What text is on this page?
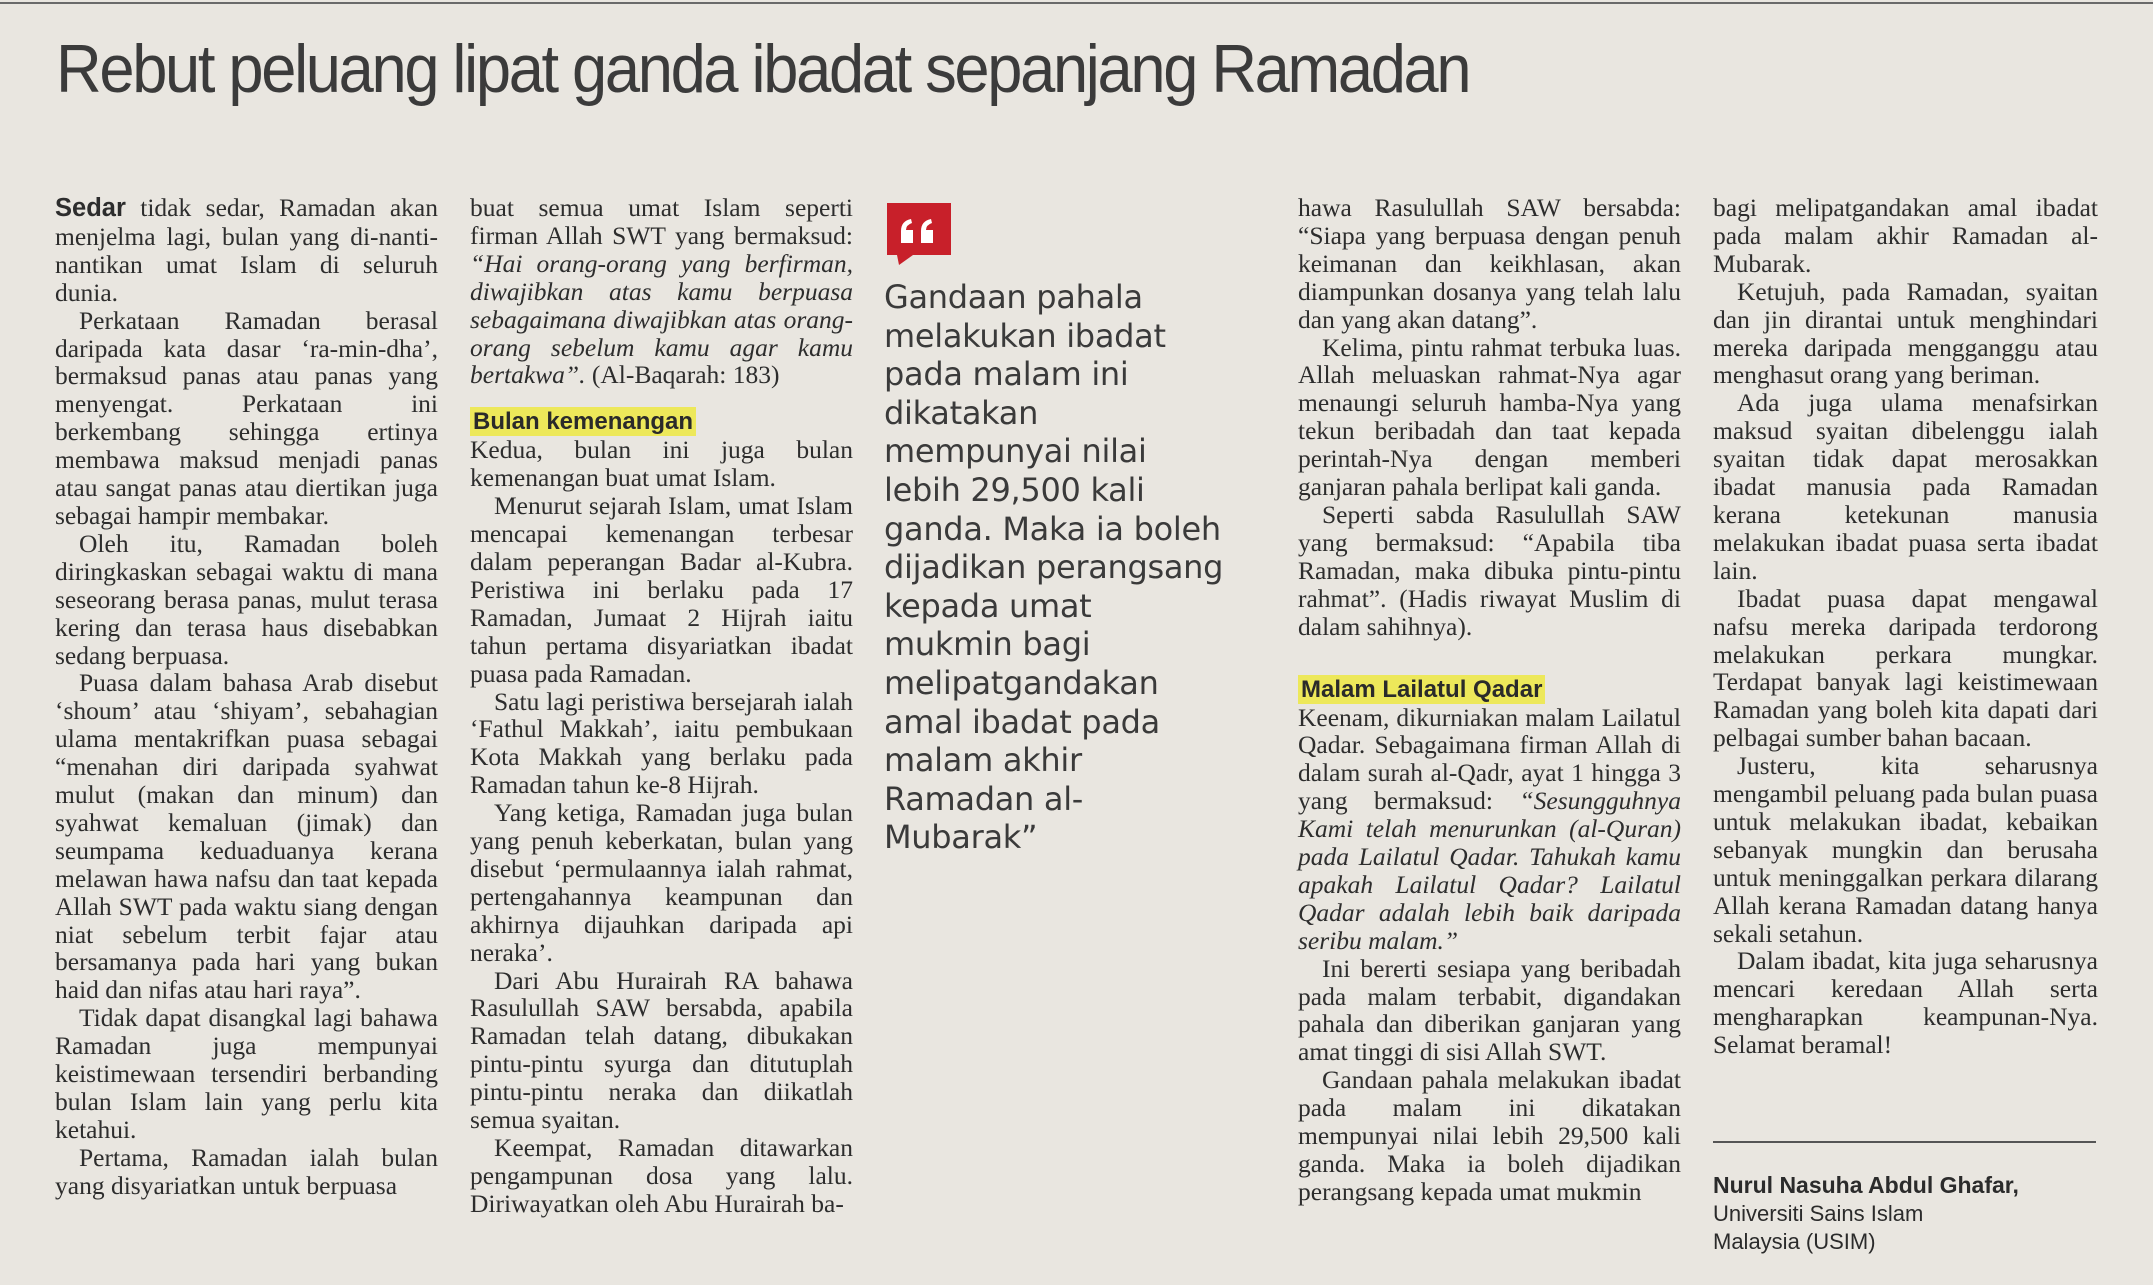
Rebut peluang lipat ganda ibadat sepanjang Ramadan

Sedar tidak sedar, Ramadan akan menjelma lagi, bulan yang di-nanti-nantikan umat Islam di seluruh dunia.

Perkataan Ramadan berasal daripada kata dasar ‘ra-min-dha’, bermaksud panas atau panas yang menyengat. Perkataan ini berkembang sehingga ertinya membawa maksud menjadi panas atau sangat panas atau diertikan juga sebagai hampir membakar.

Oleh itu, Ramadan boleh diringkaskan sebagai waktu di mana seseorang berasa panas, mulut terasa kering dan terasa haus disebabkan sedang berpuasa.

Puasa dalam bahasa Arab disebut ‘shoum’ atau ‘shiyam’, sebahagian ulama mentakrifkan puasa sebagai “menahan diri daripada syahwat mulut (makan dan minum) dan syahwat kemaluan (jimak) dan seumpama keduaduanya kerana melawan hawa nafsu dan taat kepada Allah SWT pada waktu siang dengan niat sebelum terbit fajar atau bersamanya pada hari yang bukan haid dan nifas atau hari raya”.

Tidak dapat disangkal lagi bahawa Ramadan juga mempunyai keistimewaan tersendiri berbanding bulan Islam lain yang perlu kita ketahui.

Pertama, Ramadan ialah bulan yang disyariatkan untuk berpuasa

buat semua umat Islam seperti firman Allah SWT yang bermaksud: “Hai orang-orang yang berfirman, diwajibkan atas kamu berpuasa sebagaimana diwajibkan atas orang-orang sebelum kamu agar kamu bertakwa”. (Al-Baqarah: 183)

Bulan kemenangan

Kedua, bulan ini juga bulan kemenangan buat umat Islam.

Menurut sejarah Islam, umat Islam mencapai kemenangan terbesar dalam peperangan Badar al-Kubra. Peristiwa ini berlaku pada 17 Ramadan, Jumaat 2 Hijrah iaitu tahun pertama disyariatkan ibadat puasa pada Ramadan.

Satu lagi peristiwa bersejarah ialah ‘Fathul Makkah’, iaitu pembukaan Kota Makkah yang berlaku pada Ramadan tahun ke-8 Hijrah.

Yang ketiga, Ramadan juga bulan yang penuh keberkatan, bulan yang disebut ‘permulaannya ialah rahmat, pertengahannya keampunan dan akhirnya dijauhkan daripada api neraka’.

Dari Abu Hurairah RA bahawa Rasulullah SAW bersabda, apabila Ramadan telah datang, dibukakan pintu-pintu syurga dan ditutuplah pintu-pintu neraka dan diikatlah semua syaitan.

Keempat, Ramadan ditawarkan pengampunan dosa yang lalu. Diriwayatkan oleh Abu Hurairah ba-

Gandaan pahala melakukan ibadat pada malam ini dikatakan mempunyai nilai lebih 29,500 kali ganda. Maka ia boleh dijadikan perangsang kepada umat mukmin bagi melipatgandakan amal ibadat pada malam akhir Ramadan al-Mubarak”

hawa Rasulullah SAW bersabda: “Siapa yang berpuasa dengan penuh keimanan dan keikhlasan, akan diampunkan dosanya yang telah lalu dan yang akan datang”.

Kelima, pintu rahmat terbuka luas. Allah meluaskan rahmat-Nya agar menaungi seluruh hamba-Nya yang tekun beribadah dan taat kepada perintah-Nya dengan memberi ganjaran pahala berlipat kali ganda.

Seperti sabda Rasulullah SAW yang bermaksud: “Apabila tiba Ramadan, maka dibuka pintu-pintu rahmat”. (Hadis riwayat Muslim di dalam sahihnya).

Malam Lailatul Qadar

Keenam, dikurniakan malam Lailatul Qadar. Sebagaimana firman Allah di dalam surah al-Qadr, ayat 1 hingga 3 yang bermaksud: “Sesungguhnya Kami telah menurunkan (al-Quran) pada Lailatul Qadar. Tahukah kamu apakah Lailatul Qadar? Lailatul Qadar adalah lebih baik daripada seribu malam.”

Ini bererti sesiapa yang beribadah pada malam terbabit, digandakan pahala dan diberikan ganjaran yang amat tinggi di sisi Allah SWT.

Gandaan pahala melakukan ibadat pada malam ini dikatakan mempunyai nilai lebih 29,500 kali ganda. Maka ia boleh dijadikan perangsang kepada umat mukmin

bagi melipatgandakan amal ibadat pada malam akhir Ramadan al-Mubarak.

Ketujuh, pada Ramadan, syaitan dan jin dirantai untuk menghindari mereka daripada mengganggu atau menghasut orang yang beriman.

Ada juga ulama menafsirkan maksud syaitan dibelenggu ialah syaitan tidak dapat merosakkan ibadat manusia pada Ramadan kerana ketekunan manusia melakukan ibadat puasa serta ibadat lain.

Ibadat puasa dapat mengawal nafsu mereka daripada terdorong melakukan perkara mungkar. Terdapat banyak lagi keistimewaan Ramadan yang boleh kita dapati dari pelbagai sumber bahan bacaan.

Justeru, kita seharusnya mengambil peluang pada bulan puasa untuk melakukan ibadat, kebaikan sebanyak mungkin dan berusaha untuk meninggalkan perkara dilarang Allah kerana Ramadan datang hanya sekali setahun.

Dalam ibadat, kita juga seharusnya mencari keredaan Allah serta mengharapkan keampunan-Nya. Selamat beramal!

Nurul Nasuha Abdul Ghafar,
Universiti Sains Islam
Malaysia (USIM)
